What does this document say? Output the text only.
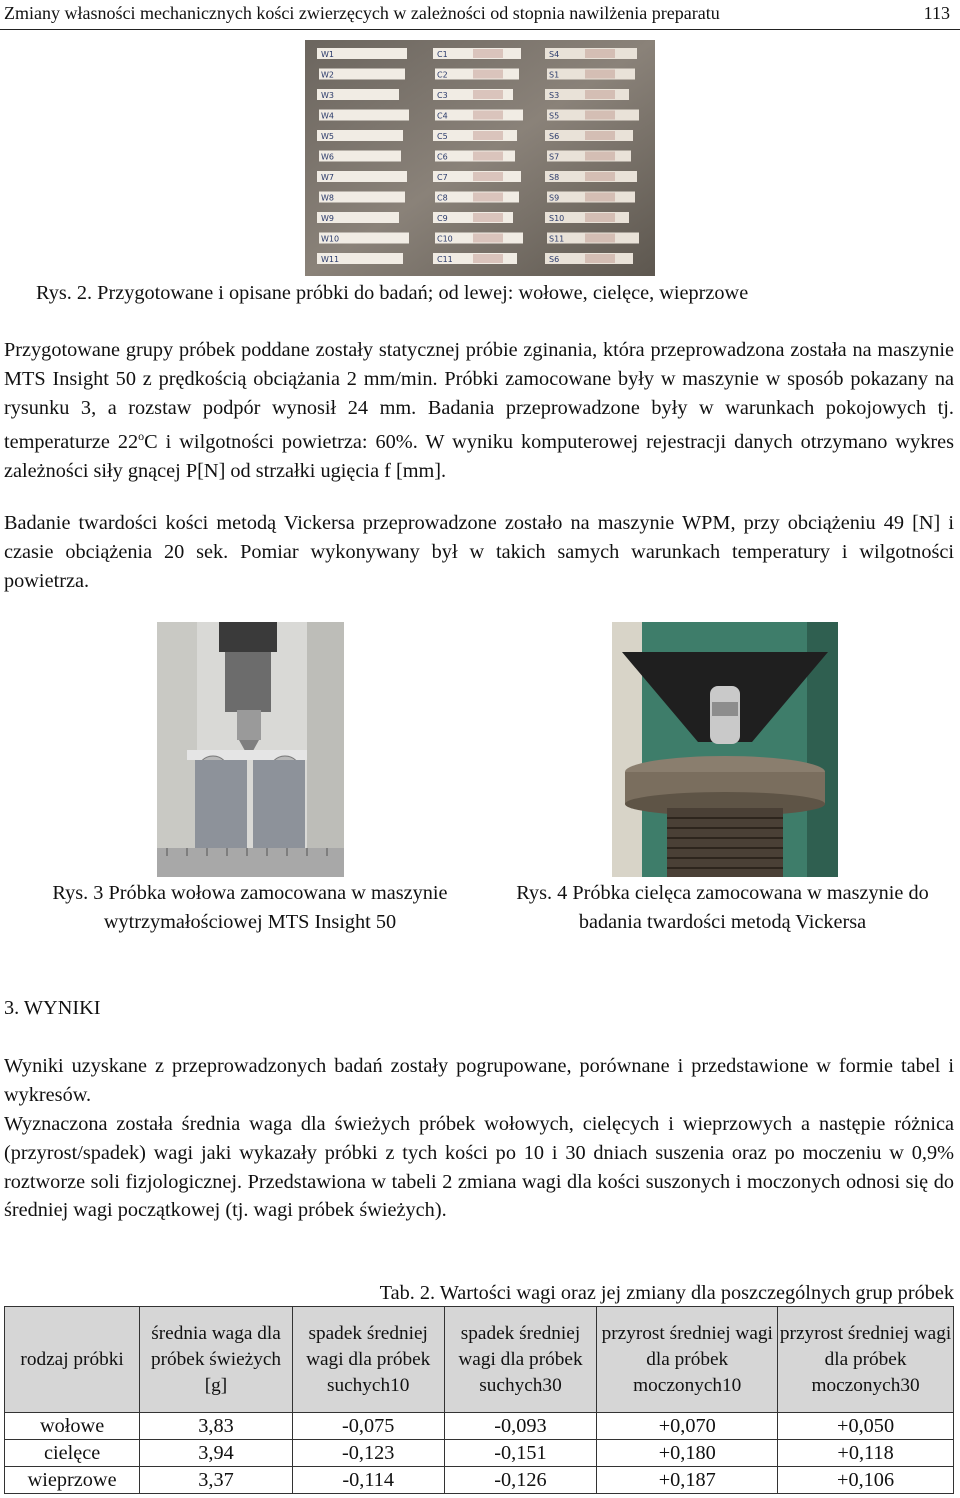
Zmiany własności mechanicznych kości zwierzęcych w zależności od stopnia nawilżenia preparatu	113
W1
W2
W3
W4
W5
W6
W7
W8
W9
W10
W11
C1
C2
C3
C4
C5
C6
C7
C8
C9
C10
C11
S4
S1
S3
S5
S6
S7
S8
S9
S10
S11
S6
Rys. 2. Przygotowane i opisane próbki do badań; od lewej: wołowe, cielęce, wieprzowe
Przygotowane grupy próbek poddane zostały statycznej próbie zginania, która przeprowadzona została na maszynie MTS Insight 50 z prędkością obciążania 2 mm/min. Próbki zamocowane były w maszynie w sposób pokazany na rysunku 3, a rozstaw podpór wynosił 24 mm. Badania przeprowadzone były w warunkach pokojowych tj. temperaturze 22$^o$C i wilgotności powietrza: 60%. W wyniku komputerowej rejestracji danych otrzymano wykres zależności siły gnącej P[N] od strzałki ugięcia f [mm].
Badanie twardości kości metodą Vickersa przeprowadzone zostało na maszynie WPM, przy obciążeniu 49 [N] i czasie obciążenia 20 sek. Pomiar wykonywany był w takich samych warunkach temperatury i wilgotności powietrza.
Rys. 3 Próbka wołowa zamocowana w maszynie wytrzymałościowej MTS Insight 50
Rys. 4 Próbka cielęca zamocowana w maszynie do badania twardości metodą Vickersa
3. WYNIKI
Wyniki uzyskane z przeprowadzonych badań zostały pogrupowane, porównane i przedstawione w formie tabel i wykresów.
Wyznaczona została średnia waga dla świeżych próbek wołowych, cielęcych i wieprzowych a następie różnica (przyrost/spadek) wagi jaki wykazały próbki z tych kości po 10 i 30 dniach suszenia oraz po moczeniu w 0,9% roztworze soli fizjologicznej. Przedstawiona w tabeli 2 zmiana wagi dla kości suszonych i moczonych odnosi się do średniej wagi początkowej (tj. wagi próbek świeżych).
Tab. 2. Wartości wagi oraz jej zmiany dla poszczególnych grup próbek
rodzaj próbki	średnia waga dla próbek świeżych [g]	spadek średniej wagi dla próbek suchych10	spadek średniej wagi dla próbek suchych30	przyrost średniej wagi dla próbek moczonych10	przyrost średniej wagi dla próbek moczonych30
wołowe	3,83	-0,075	-0,093	+0,070	+0,050
cielęce	3,94	-0,123	-0,151	+0,180	+0,118
wieprzowe	3,37	-0,114	-0,126	+0,187	+0,106
